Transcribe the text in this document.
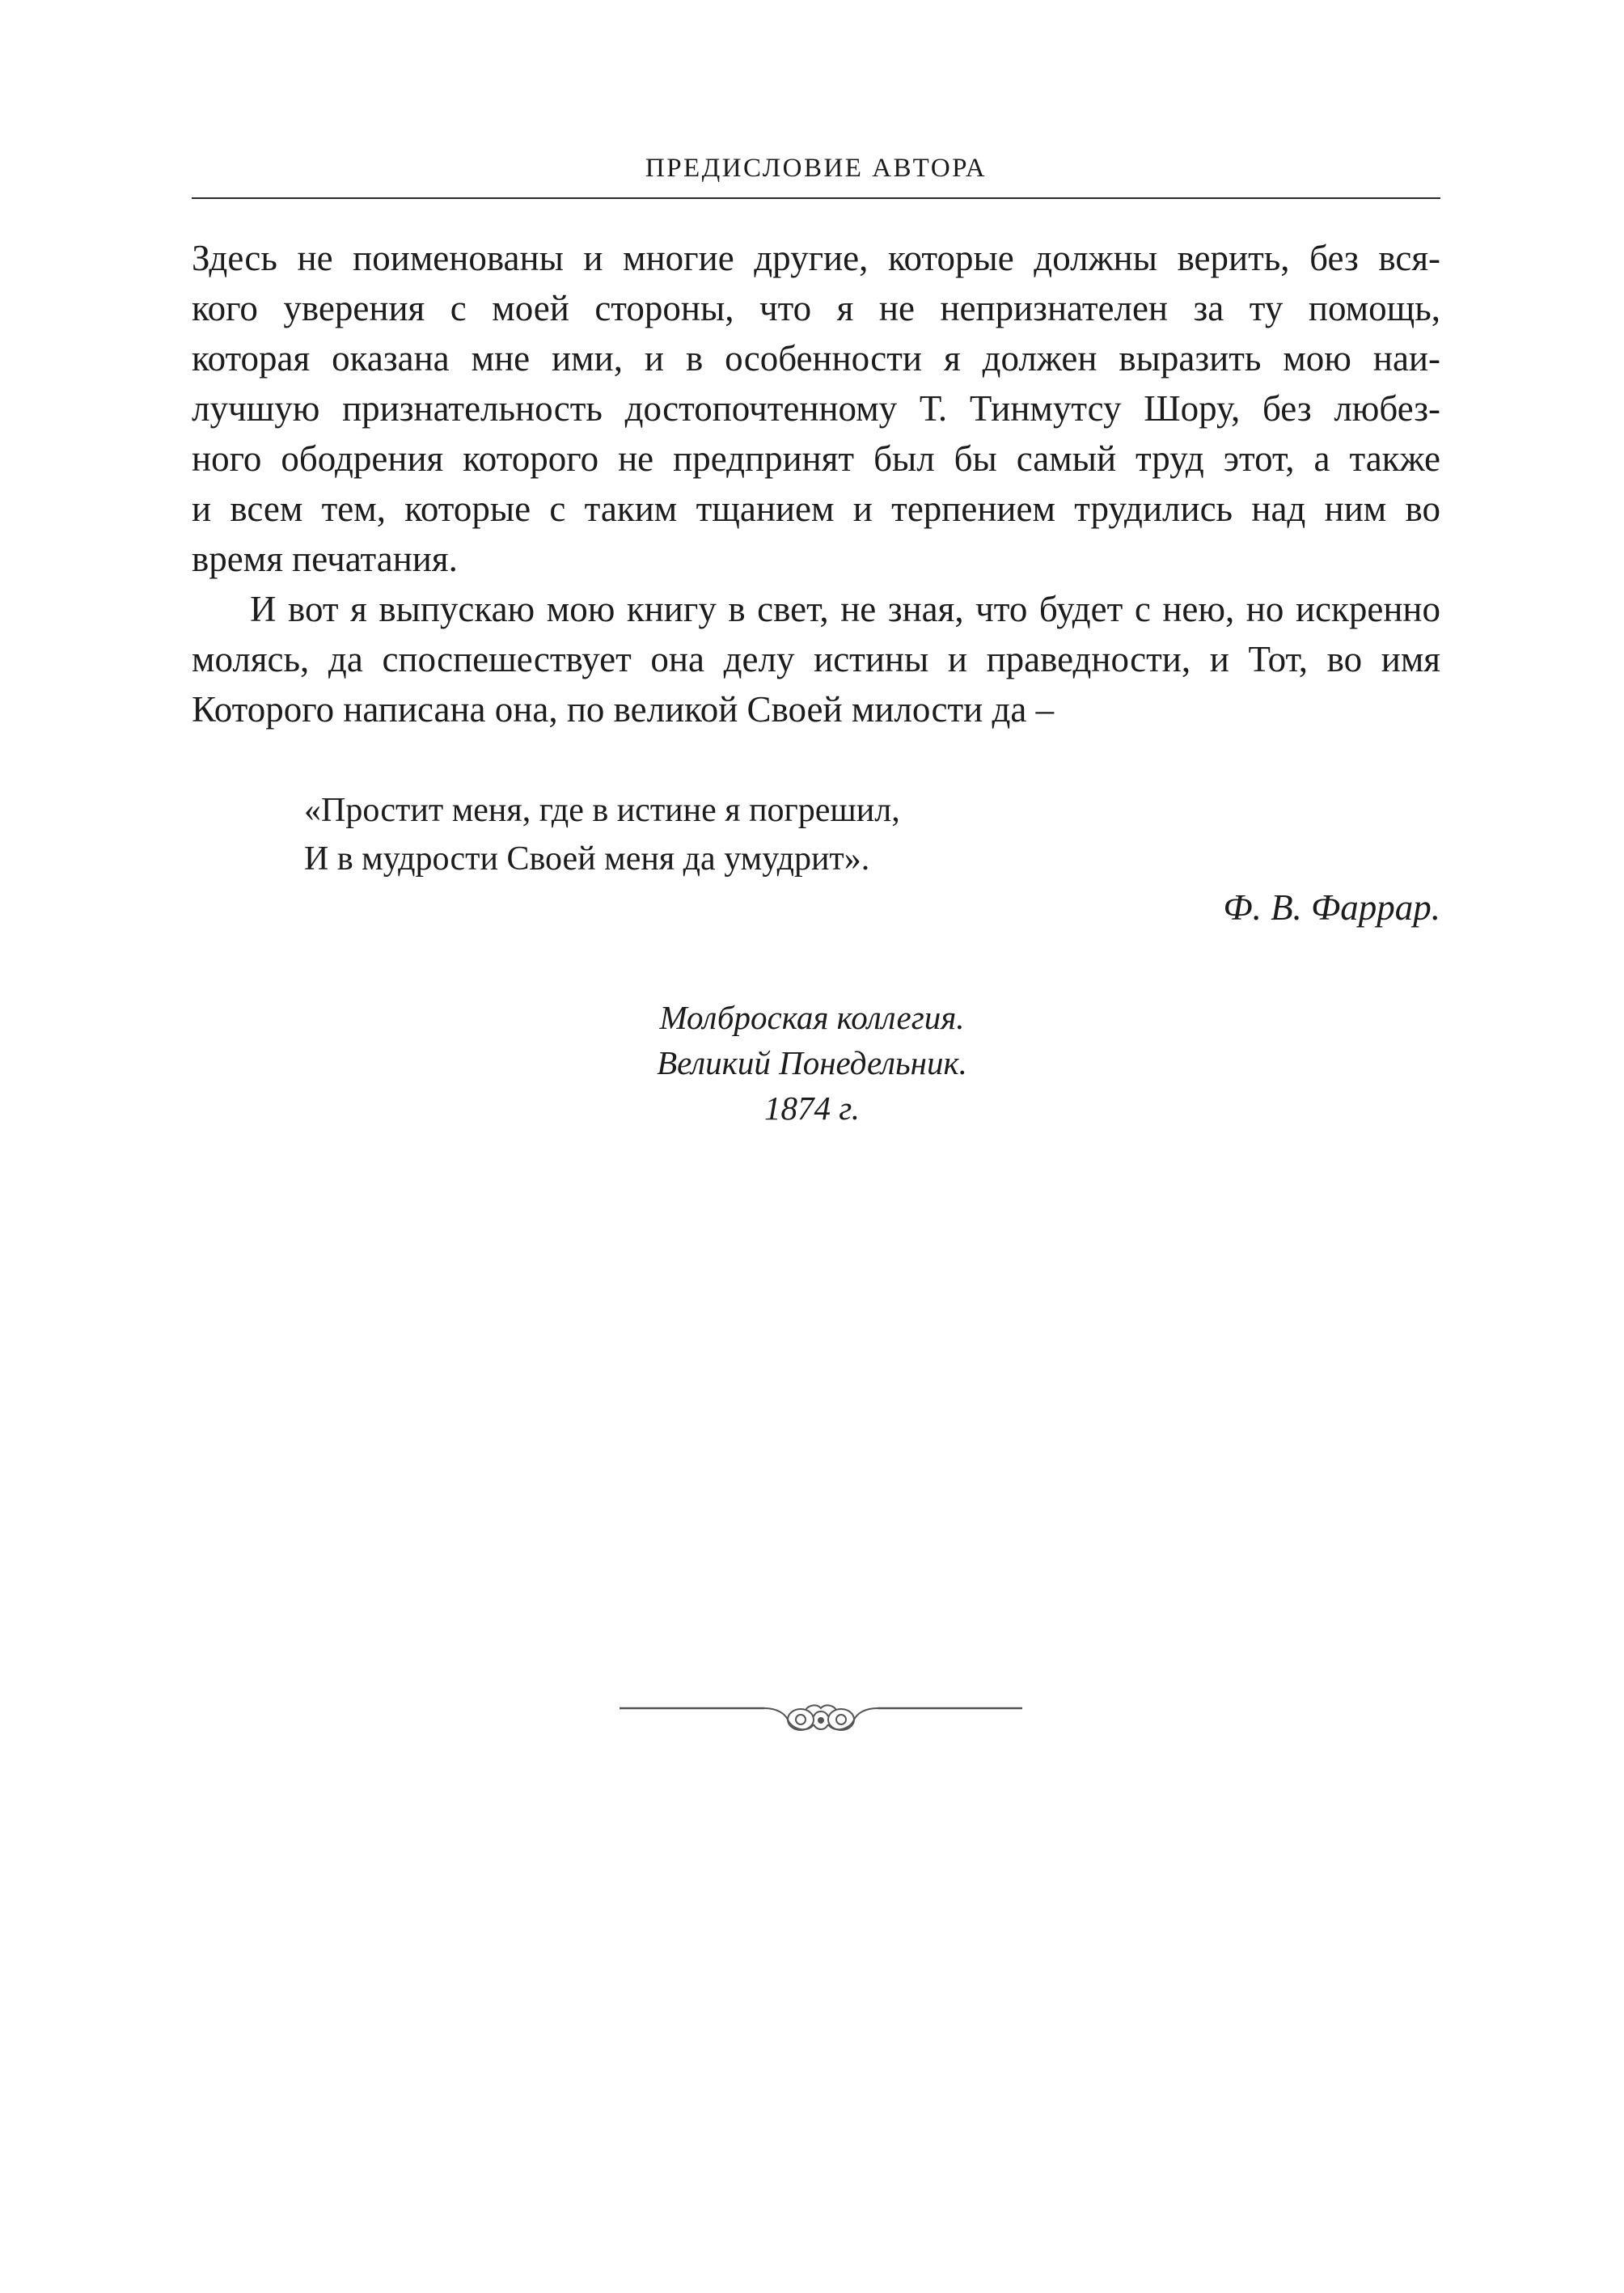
ПРЕДИСЛОВИЕ АВТОРА
Здесь не поименованы и многие другие, которые должны верить, без вся-
кого уверения с моей стороны, что я не непризнателен за ту помощь,
которая оказана мне ими, и в особенности я должен выразить мою наи-
лучшую признательность достопочтенному Т. Тинмутсу Шору, без любез-
ного ободрения которого не предпринят был бы самый труд этот, а также
и всем тем, которые с таким тщанием и терпением трудились над ним во
время печатания.
И вот я выпускаю мою книгу в свет, не зная, что будет с нею, но искренно
молясь, да споспешествует она делу истины и праведности, и Тот, во имя
Которого написана она, по великой Своей милости да –
«Простит меня, где в истине я погрешил,
И в мудрости Своей меня да умудрит».
Ф. В. Фаррар.
Молброская коллегия.
Великий Понедельник.
1874 г.
